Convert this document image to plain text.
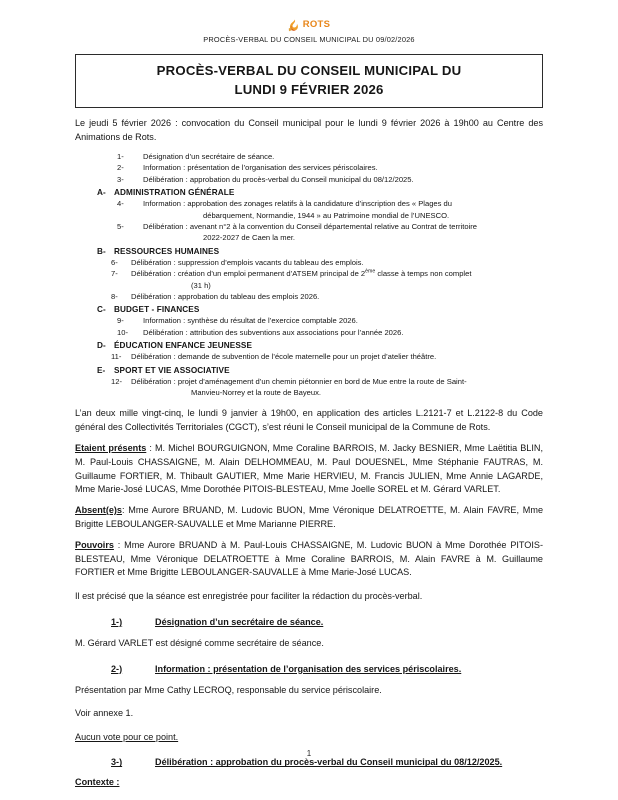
ROTS
PROCÈS-VERBAL DU CONSEIL MUNICIPAL DU 09/02/2026
PROCÈS-VERBAL DU CONSEIL MUNICIPAL DU
LUNDI 9 FÉVRIER 2026
Le jeudi 5 février 2026 : convocation du Conseil municipal pour le lundi 9 février 2026 à 19h00 au Centre des Animations de Rots.
1-	Désignation d’un secrétaire de séance.
2-	Information : présentation de l’organisation des services périscolaires.
3-	Délibération : approbation du procès-verbal du Conseil municipal du 08/12/2025.
A- ADMINISTRATION GÉNÉRALE
4-	Information : approbation des zonages relatifs à la candidature d’inscription des « Plages du
débarquement, Normandie, 1944 » au Patrimoine mondial de l’UNESCO.
5-	Délibération : avenant n°2 à la convention du Conseil départemental relative au Contrat de territoire
2022-2027 de Caen la mer.
B- RESSOURCES HUMAINES
6-	Délibération : suppression d’emplois vacants du tableau des emplois.
7-	Délibération : création d’un emploi permanent d’ATSEM principal de 2ème classe à temps non complet
(31 h)
8-	Délibération : approbation du tableau des emplois 2026.
C- BUDGET - FINANCES
9-	Information : synthèse du résultat de l’exercice comptable 2026.
10-	Délibération : attribution des subventions aux associations pour l’année 2026.
D- ÉDUCATION ENFANCE JEUNESSE
11-	Délibération : demande de subvention de l’école maternelle pour un projet d’atelier théâtre.
E-	SPORT ET VIE ASSOCIATIVE
12-	Délibération : projet d’aménagement d’un chemin piétonnier en bord de Mue entre la route de Saint-
Manvieu-Norrey et la route de Bayeux.
L’an deux mille vingt-cinq, le lundi 9 janvier à 19h00, en application des articles L.2121-7 et L.2122-8 du Code général des Collectivités Territoriales (CGCT), s’est réuni le Conseil municipal de la Commune de Rots.
Etaient présents : M. Michel BOURGUIGNON, Mme Coraline BARROIS, M. Jacky BESNIER, Mme Laëtitia BLIN, M. Paul-Louis CHASSAIGNE, M. Alain DELHOMMEAU, M. Paul DOUESNEL, Mme Stéphanie FAUTRAS, M. Guillaume FORTIER, M. Thibault GAUTIER, Mme Marie HERVIEU, M. Francis JULIEN, Mme Annie LAGARDE, Mme Marie-José LUCAS, Mme Dorothée PITOIS-BLESTEAU, Mme Joelle SOREL et M. Gérard VARLET.
Absent(e)s: Mme Aurore BRUAND, M. Ludovic BUON, Mme Véronique DELATROETTE, M. Alain FAVRE, Mme Brigitte LEBOULANGER-SAUVALLE et Mme Marianne PIERRE.
Pouvoirs : Mme Aurore BRUAND à M. Paul-Louis CHASSAIGNE, M. Ludovic BUON à Mme Dorothée PITOIS-BLESTEAU, Mme Véronique DELATROETTE à Mme Coraline BARROIS, M. Alain FAVRE à M. Guillaume FORTIER et Mme Brigitte LEBOULANGER-SAUVALLE à Mme Marie-José LUCAS.
Il est précisé que la séance est enregistrée pour faciliter la rédaction du procès-verbal.
1-)	Désignation d’un secrétaire de séance.
M. Gérard VARLET est désigné comme secrétaire de séance.
2-)	Information : présentation de l’organisation des services périscolaires.
Présentation par Mme Cathy LECROQ, responsable du service périscolaire.
Voir annexe 1.
Aucun vote pour ce point.
3-)	Délibération : approbation du procès-verbal du Conseil municipal du 08/12/2025.
Contexte :
1
